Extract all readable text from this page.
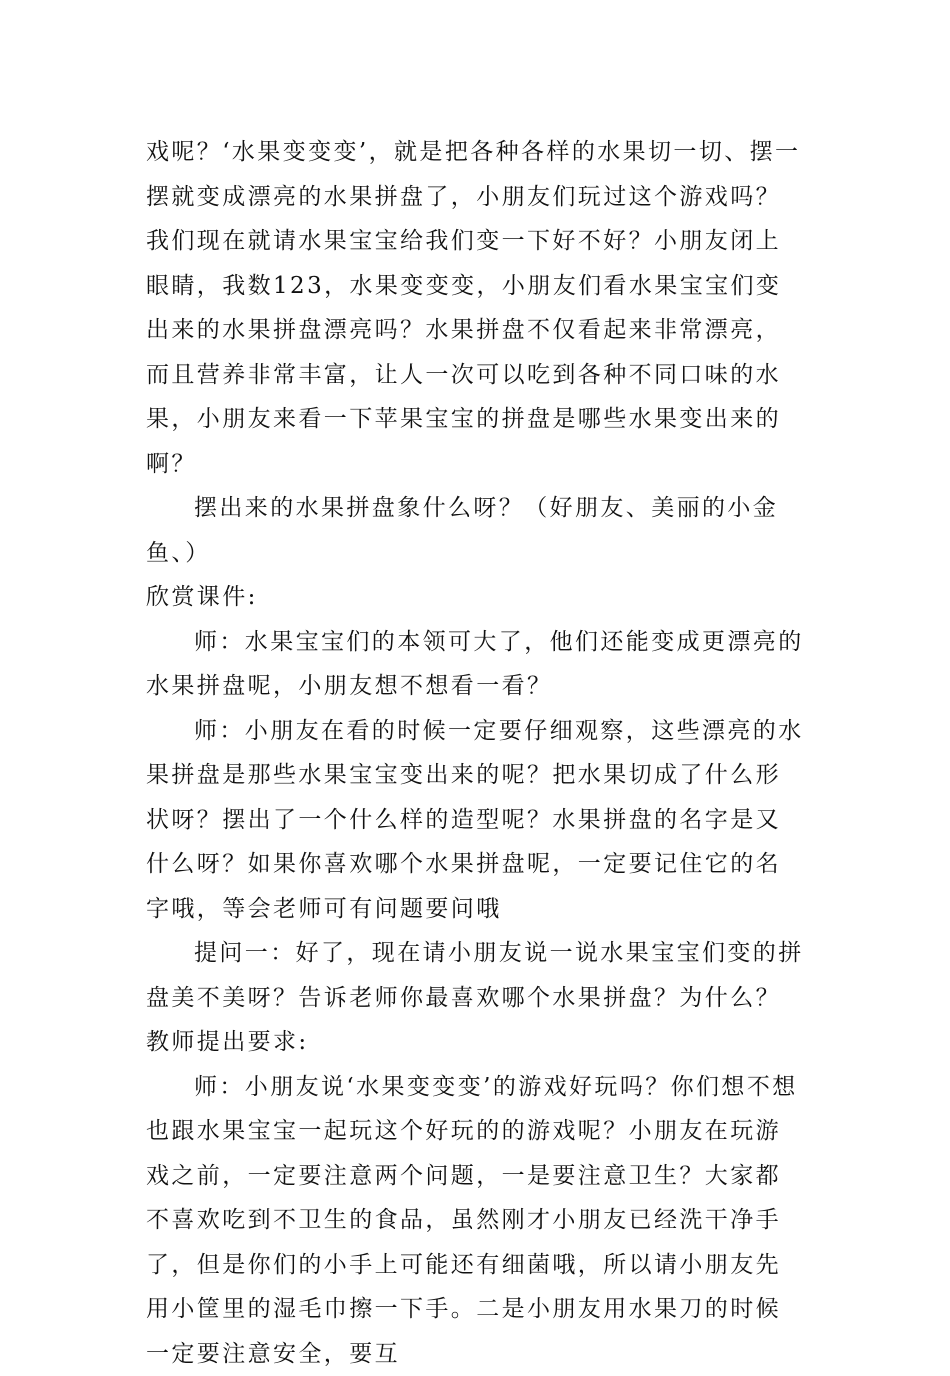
戏呢？‘水果变变变’，就是把各种各样的水果切一切、摆一摆就变成漂亮的水果拼盘了，小朋友们玩过这个游戏吗？我们现在就请水果宝宝给我们变一下好不好？小朋友闭上眼睛，我数123，水果变变变，小朋友们看水果宝宝们变出来的水果拼盘漂亮吗？水果拼盘不仅看起来非常漂亮，而且营养非常丰富，让人一次可以吃到各种不同口味的水果，小朋友来看一下苹果宝宝的拼盘是哪些水果变出来的啊？

摆出来的水果拼盘象什么呀？（好朋友、美丽的小金
鱼、）

欣赏课件:

师：水果宝宝们的本领可大了，他们还能变成更漂亮的水果拼盘呢，小朋友想不想看一看？

师：小朋友在看的时候一定要仔细观察，这些漂亮的水果拼盘是那些水果宝宝变出来的呢？把水果切成了什么形状呀？摆出了一个什么样的造型呢？水果拼盘的名字是又什么呀？如果你喜欢哪个水果拼盘呢，一定要记住它的名字哦，等会老师可有问题要问哦

提问一：好了，现在请小朋友说一说水果宝宝们变的拼盘美不美呀？告诉老师你最喜欢哪个水果拼盘？为什么？

教师提出要求:

师：小朋友说‘水果变变变’的游戏好玩吗？你们想不想也跟水果宝宝一起玩这个好玩的的游戏呢？小朋友在玩游戏之前，一定要注意两个问题，一是要注意卫生？大家都不喜欢吃到不卫生的食品，虽然刚才小朋友已经洗干净手了，但是你们的小手上可能还有细菌哦，所以请小朋友先用小筐里的湿毛巾擦一下手。二是小朋友用水果刀的时候一定要注意安全，要互
